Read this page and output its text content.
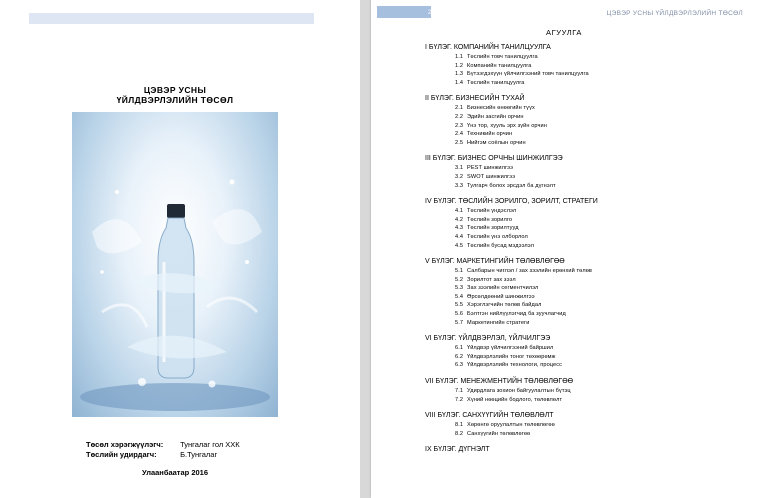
ЦЭВЭР УСНЫ
ҮЙЛДВЭРЛЭЛИЙН ТӨСӨЛ
Төсөл хэрэгжүүлэгч: Тунгалаг гол ХХК
Төслийн удирдагч:	Б.Тунгалаг
Улаанбаатар 2016
2	ЦЭВЭР УСНЫ ҮЙЛДВЭРЛЭЛИЙН ТӨСӨЛ
АГУУЛГА
I БҮЛЭГ. КОМПАНИЙН ТАНИЛЦУУЛГА
1.1 Төслийн товч танилцуулга
1.2 Компанийн танилцуулга
1.3 Бүтээгдэхүүн үйлчилгээний товч танилцуулга
1.4 Төслийн танилцуулга
II БҮЛЭГ. БИЗНЕСИЙН ТУХАЙ
2.1 Бизнесийн өнөөгийн түүх
2.2 Эдийн засгийн орчин
2.3 Үнэ тор, хууль эрх зүйн орчин
2.4 Техникийн орчин
2.5 Нийгэм соёлын орчин
III БҮЛЭГ. БИЗНЕС ОРЧНЫ ШИНЖИЛГЭЭ
3.1 PEST шинжилгээ
3.2 SWOT шинжилгээ
3.3 Тулгарч болох эрсдэл ба дүгнэлт
IV БҮЛЭГ. ТӨСЛИЙН ЗОРИЛГО, ЗОРИЛТ, СТРАТЕГИ
4.1 Төслийн үндэслэл
4.2 Төслийн зорилго
4.3 Төслийн зорилтууд
4.4 Төслийн үнэ олборлол
4.5 Төслийн бусад мэдээлэл
V БҮЛЭГ. МАРКЕТИНГИЙН ТӨЛӨВЛӨГӨӨ
5.1 Салбарын чиглэл / зах зээлийн ерөнхий төлөв
5.2 Зорилтот зах зээл
5.3 Зах зээлийн сегментчилэл
5.4 Өрсөлдөөний шинжилгээ
5.5 Хэрэглэгчийн төлөв байдал
5.6 Бэлтгэн нийлүүлэгчид ба зуучлагчид
5.7 Маркетингийн стратеги
VI БҮЛЭГ. ҮЙЛДВЭРЛЭЛ, ҮЙЛЧИЛГЭЭ
6.1 Үйлдвэр үйлчилгээний байршил
6.2 Үйлдвэрлэлийн тоног төхөөрөмж
6.3 Үйлдвэрлэлийн технологи, процесс
VII БҮЛЭГ. МЕНЕЖМЕНТИЙН ТӨЛӨВЛӨГӨӨ
7.1 Удирдлага зохион байгуулалтын бүтэц
7.2 Хүний нөөцийн бодлого, төлөвлөлт
VIII БҮЛЭГ. САНХҮҮГИЙН ТӨЛӨВЛӨЛТ
8.1 Хөрөнгө оруулалтын төлөвлөгөө
8.2 Санхүүгийн төлөвлөгөө
IX БҮЛЭГ. ДҮГНЭЛТ
